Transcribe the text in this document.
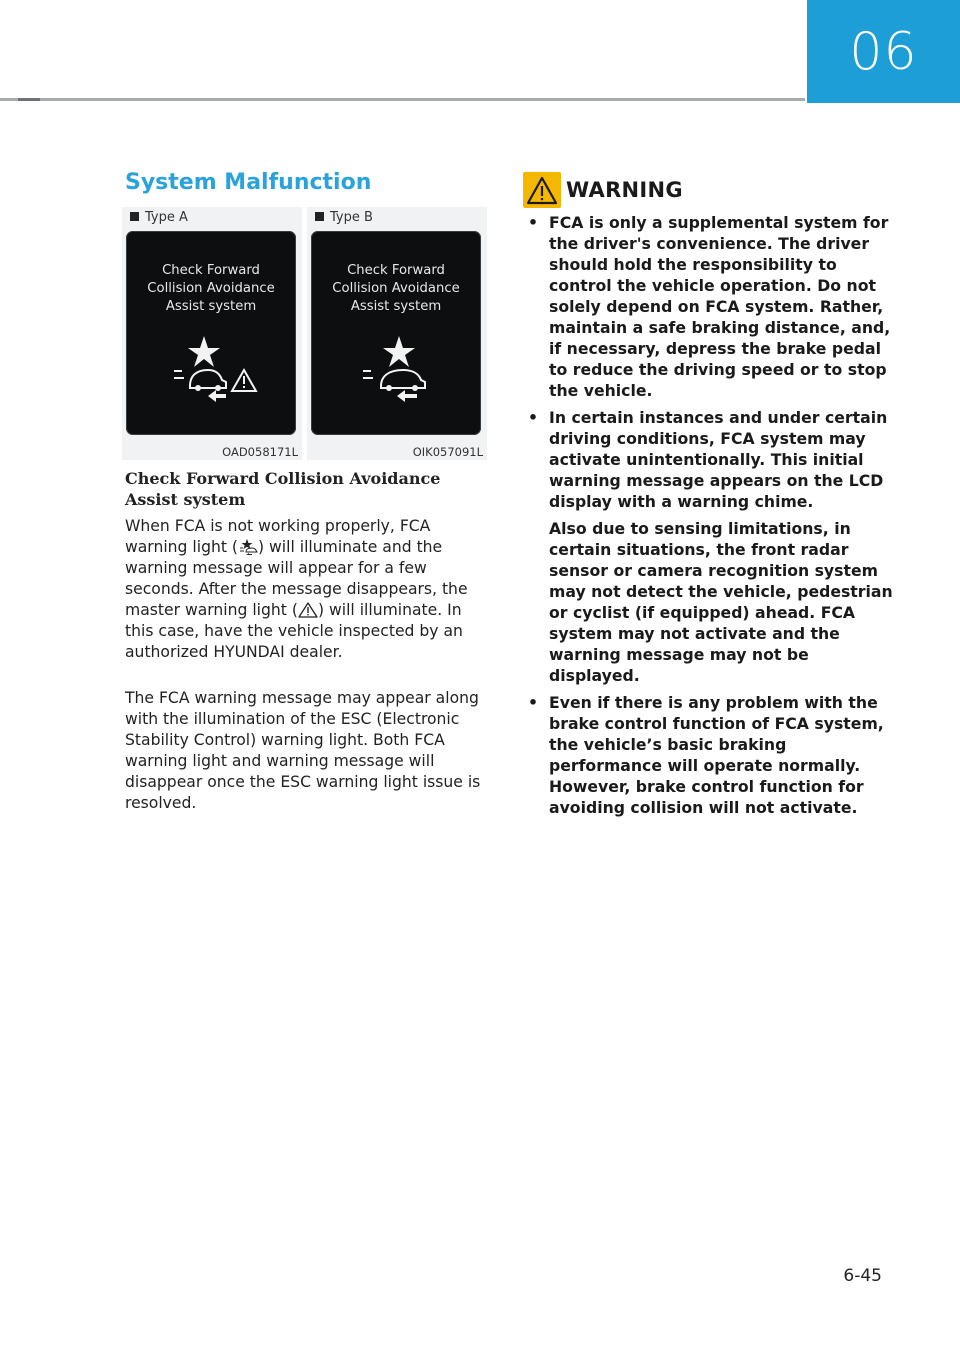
06
System Malfunction
Type A
Check Forward
Collision Avoidance
Assist system
OAD058171L
Type B
Check Forward
Collision Avoidance
Assist system
OIK057091L
Check Forward Collision Avoidance Assist system
When FCA is not working properly, FCA warning light ( ) will illuminate and the warning message will appear for a few seconds. After the message disappears, the master warning light ( ) will illuminate. In this case, have the vehicle inspected by an authorized HYUNDAI dealer.
The FCA warning message may appear along with the illumination of the ESC (Electronic Stability Control) warning light. Both FCA warning light and warning message will disappear once the ESC warning light issue is resolved.
WARNING
• FCA is only a supplemental system for the driver's convenience. The driver should hold the responsibility to control the vehicle operation. Do not solely depend on FCA system. Rather, maintain a safe braking distance, and, if necessary, depress the brake pedal to reduce the driving speed or to stop the vehicle.
• In certain instances and under certain driving conditions, FCA system may activate unintentionally. This initial warning message appears on the LCD display with a warning chime.
Also due to sensing limitations, in certain situations, the front radar sensor or camera recognition system may not detect the vehicle, pedestrian or cyclist (if equipped) ahead. FCA system may not activate and the warning message may not be displayed.
• Even if there is any problem with the brake control function of FCA system, the vehicle’s basic braking performance will operate normally. However, brake control function for avoiding collision will not activate.
6-45
